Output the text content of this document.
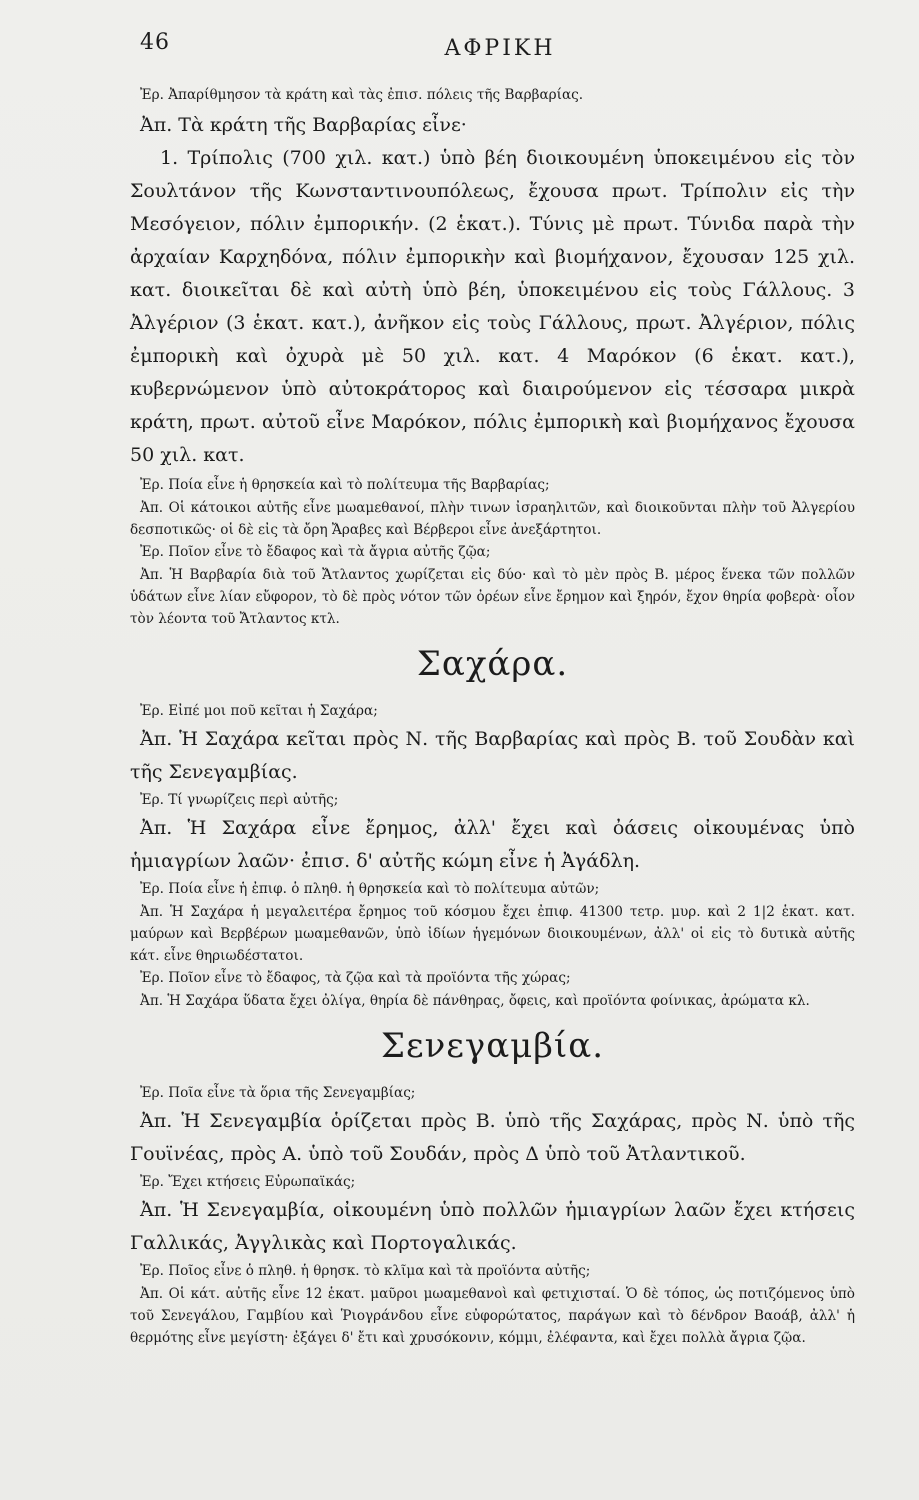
46	ΑΦΡΙΚΗ

Ἐρ. Ἀπαρίθμησον τὰ κράτη καὶ τὰς ἐπισ. πόλεις τῆς Βαρβαρίας.

Ἀπ. Τὰ κράτη τῆς Βαρβαρίας εἶνε·

1. Τρίπολις (700 χιλ. κατ.) ὑπὸ βέη διοικουμένη ὑποκειμένου εἰς τὸν Σουλτάνον τῆς Κωνσταντινουπόλεως, ἔχουσα πρωτ. Τρίπολιν εἰς τὴν Μεσόγειον, πόλιν ἐμπορικήν. (2 ἑκατ.). Τύνις μὲ πρωτ. Τύνιδα παρὰ τὴν ἀρχαίαν Καρχηδόνα, πόλιν ἐμπορικὴν καὶ βιομήχανον, ἔχουσαν 125 χιλ. κατ. διοικεῖται δὲ καὶ αὐτὴ ὑπὸ βέη, ὑποκειμένου εἰς τοὺς Γάλλους. 3 Ἀλγέριον (3 ἑκατ. κατ.), ἀνῆκον εἰς τοὺς Γάλλους, πρωτ. Ἀλγέριον, πόλις ἐμπορικὴ καὶ ὀχυρὰ μὲ 50 χιλ. κατ. 4 Μαρόκον (6 ἑκατ. κατ.), κυβερνώμενον ὑπὸ αὐτοκράτορος καὶ διαιρούμενον εἰς τέσσαρα μικρὰ κράτη, πρωτ. αὐτοῦ εἶνε Μαρόκον, πόλις ἐμπορικὴ καὶ βιομήχανος ἔχουσα 50 χιλ. κατ.

Ἐρ. Ποία εἶνε ἡ θρησκεία καὶ τὸ πολίτευμα τῆς Βαρβαρίας;

Ἀπ. Οἱ κάτοικοι αὐτῆς εἶνε μωαμεθανοί, πλὴν τινων ἰσραηλιτῶν, καὶ διοικοῦνται πλὴν τοῦ Ἀλγερίου δεσποτικῶς· οἱ δὲ εἰς τὰ ὄρη Ἄραβες καὶ Βέρβεροι εἶνε ἀνεξάρτητοι.

Ἐρ. Ποῖον εἶνε τὸ ἔδαφος καὶ τὰ ἄγρια αὐτῆς ζῷα;

Ἀπ. Ἡ Βαρβαρία διὰ τοῦ Ἄτλαντος χωρίζεται εἰς δύο· καὶ τὸ μὲν πρὸς Β. μέρος ἕνεκα τῶν πολλῶν ὑδάτων εἶνε λίαν εὔφορον, τὸ δὲ πρὸς νότον τῶν ὀρέων εἶνε ἔρημον καὶ ξηρόν, ἔχον θηρία φοβερὰ· οἷον τὸν λέοντα τοῦ Ἄτλαντος κτλ.

Σαχάρα.

Ἐρ. Εἰπέ μοι ποῦ κεῖται ἡ Σαχάρα;

Ἀπ. Ἡ Σαχάρα κεῖται πρὸς Ν. τῆς Βαρβαρίας καὶ πρὸς Β. τοῦ Σουδὰν καὶ τῆς Σενεγαμβίας.

Ἐρ. Τί γνωρίζεις περὶ αὐτῆς;

Ἀπ. Ἡ Σαχάρα εἶνε ἔρημος, ἀλλ' ἔχει καὶ ὀάσεις οἰκουμένας ὑπὸ ἡμιαγρίων λαῶν· ἐπισ. δ' αὐτῆς κώμη εἶνε ἡ Ἀγάδλη.

Ἐρ. Ποία εἶνε ἡ ἐπιφ. ὁ πληθ. ἡ θρησκεία καὶ τὸ πολίτευμα αὐτῶν;

Ἀπ. Ἡ Σαχάρα ἡ μεγαλειτέρα ἔρημος τοῦ κόσμου ἔχει ἐπιφ. 41300 τετρ. μυρ. καὶ 2 1|2 ἑκατ. κατ. μαύρων καὶ Βερβέρων μωαμεθανῶν, ὑπὸ ἰδίων ἡγεμόνων διοικουμένων, ἀλλ' οἱ εἰς τὸ δυτικὰ αὐτῆς κάτ. εἶνε θηριωδέστατοι.

Ἐρ. Ποῖον εἶνε τὸ ἔδαφος, τὰ ζῷα καὶ τὰ προϊόντα τῆς χώρας;

Ἀπ. Ἡ Σαχάρα ὕδατα ἔχει ὀλίγα, θηρία δὲ πάνθηρας, ὄφεις, καὶ προϊόντα φοίνικας, ἀρώματα κλ.

Σενεγαμβία.

Ἐρ. Ποῖα εἶνε τὰ ὅρια τῆς Σενεγαμβίας;

Ἀπ. Ἡ Σενεγαμβία ὁρίζεται πρὸς Β. ὑπὸ τῆς Σαχάρας, πρὸς Ν. ὑπὸ τῆς Γουϊνέας, πρὸς Α. ὑπὸ τοῦ Σουδάν, πρὸς Δ ὑπὸ τοῦ Ἀτλαντικοῦ.

Ἐρ. Ἔχει κτήσεις Εὐρωπαϊκάς;

Ἀπ. Ἡ Σενεγαμβία, οἰκουμένη ὑπὸ πολλῶν ἡμιαγρίων λαῶν ἔχει κτήσεις Γαλλικάς, Ἀγγλικὰς καὶ Πορτογαλικάς.

Ἐρ. Ποῖος εἶνε ὁ πληθ. ἡ θρησκ. τὸ κλῖμα καὶ τὰ προϊόντα αὐτῆς;

Ἀπ. Οἱ κάτ. αὐτῆς εἶνε 12 ἑκατ. μαῦροι μωαμεθανοὶ καὶ φετιχισταί. Ὁ δὲ τόπος, ὡς ποτιζόμενος ὑπὸ τοῦ Σενεγάλου, Γαμβίου καὶ Ῥιογράνδου εἶνε εὐφορώτατος, παράγων καὶ τὸ δένδρον Βαοάβ, ἀλλ' ἡ θερμότης εἶνε μεγίστη· ἐξάγει δ' ἔτι καὶ χρυσόκονιν, κόμμι, ἐλέφαντα, καὶ ἔχει πολλὰ ἄγρια ζῷα.
